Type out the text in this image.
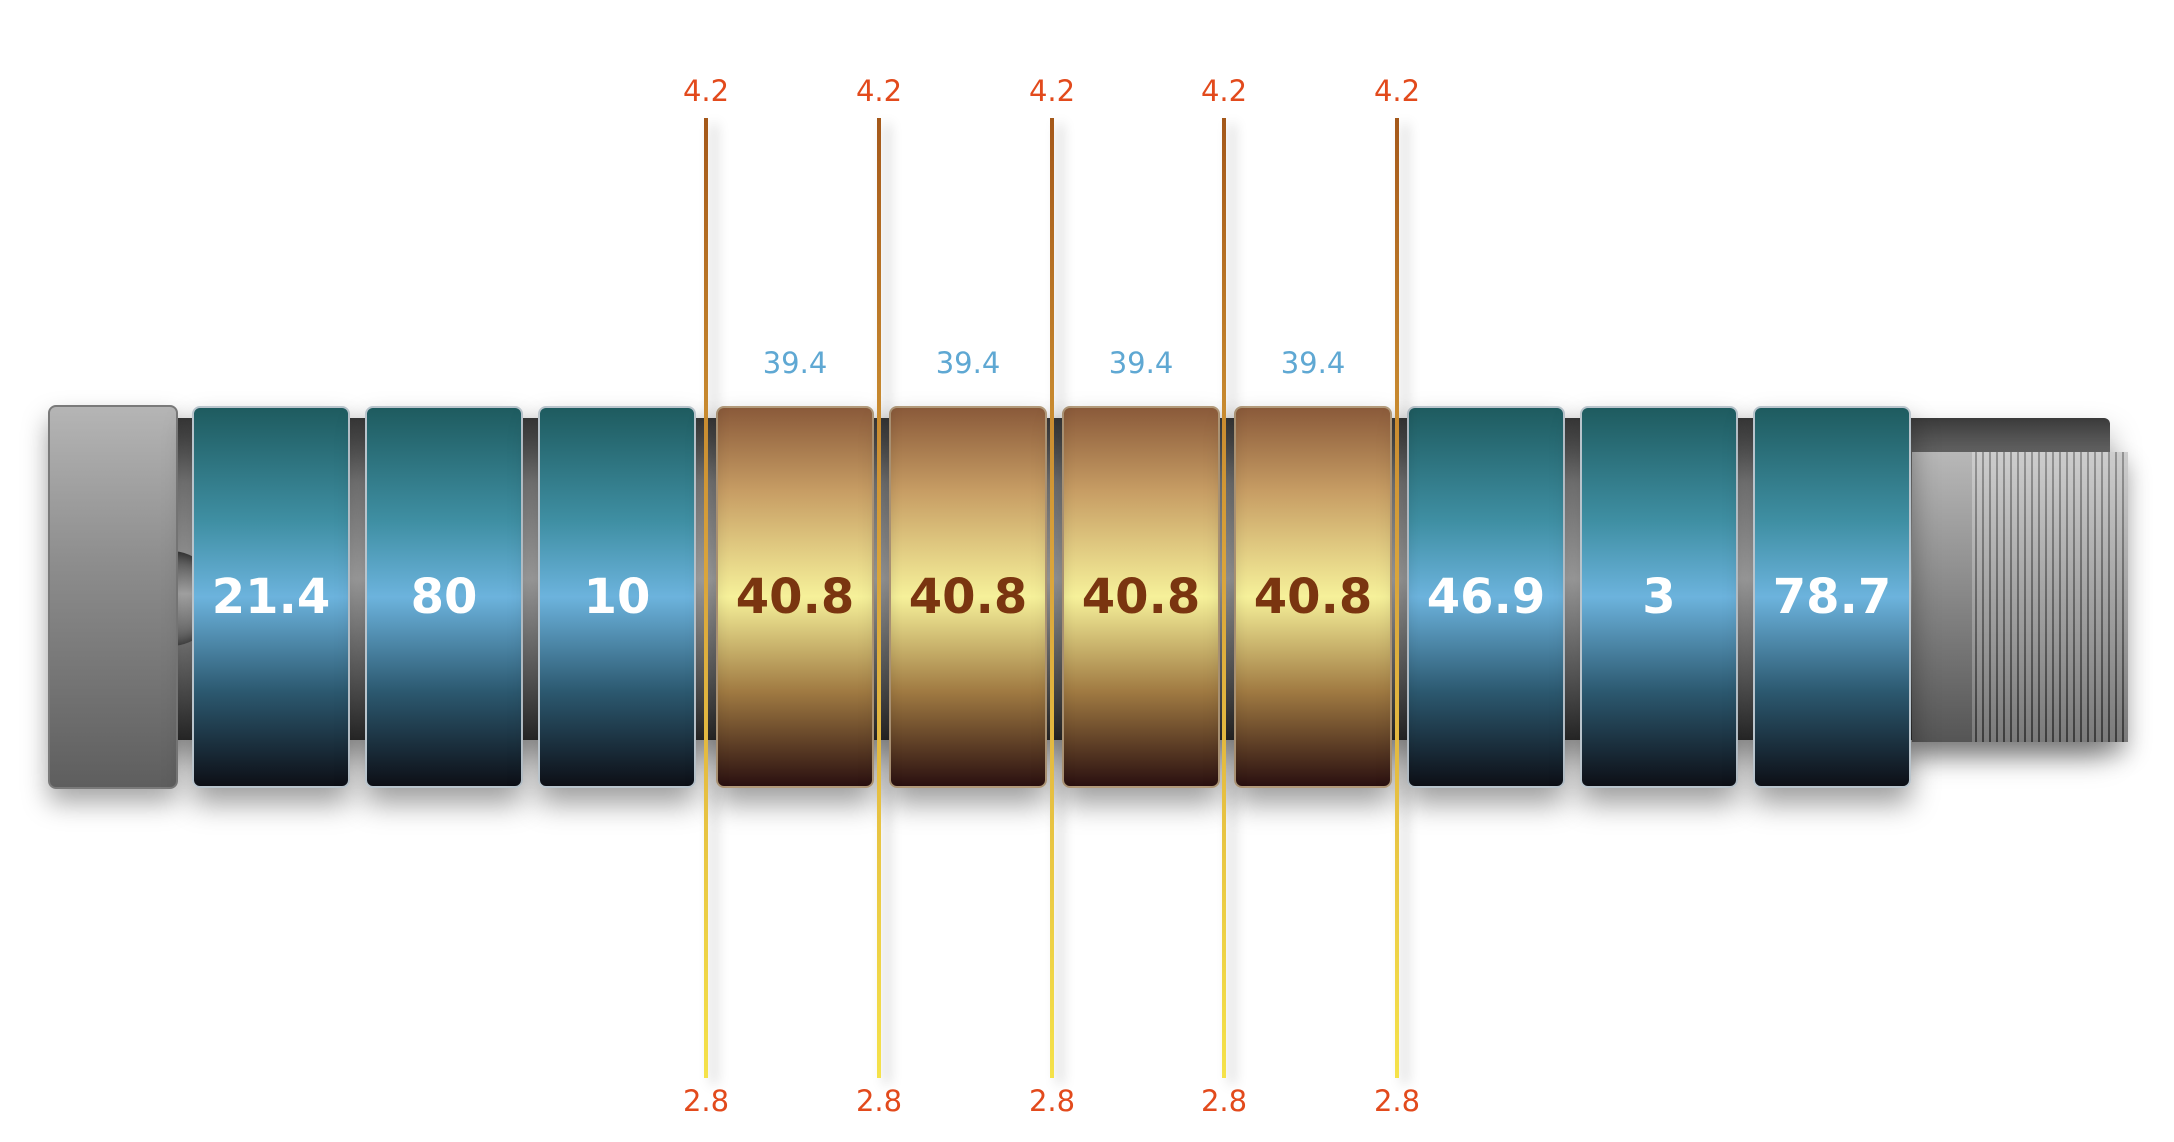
21.4 80 10 40.8 40.8 40.8 40.8 46.9 3 78.7
39.4	39.4	39.4	39.4
4.2
2.8
4.2
2.8
4.2
2.8
4.2
2.8
4.2
2.8
